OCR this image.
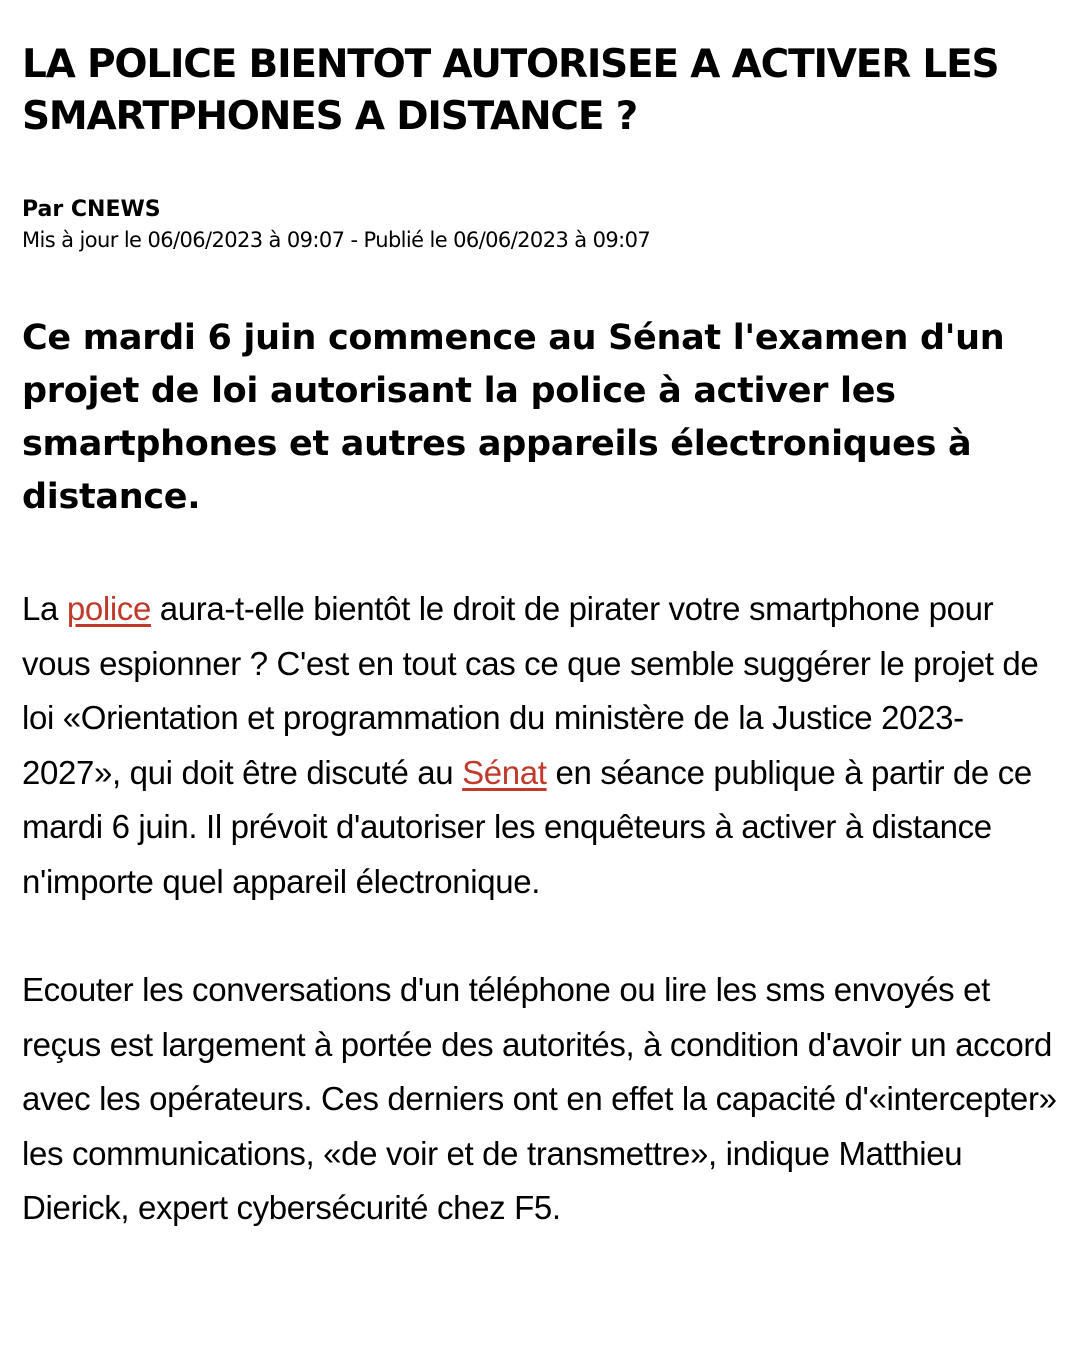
LA POLICE BIENTOT AUTORISEE A ACTIVER LES SMARTPHONES A DISTANCE ?
Par CNEWS
Mis à jour le 06/06/2023 à 09:07 - Publié le 06/06/2023 à 09:07
Ce mardi 6 juin commence au Sénat l'examen d'un projet de loi autorisant la police à activer les smartphones et autres appareils électroniques à distance.

La police aura-t-elle bientôt le droit de pirater votre smartphone pour vous espionner ? C'est en tout cas ce que semble suggérer le projet de loi «Orientation et programmation du ministère de la Justice 2023-2027», qui doit être discuté au Sénat en séance publique à partir de ce mardi 6 juin. Il prévoit d'autoriser les enquêteurs à activer à distance n'importe quel appareil électronique.

Ecouter les conversations d'un téléphone ou lire les sms envoyés et reçus est largement à portée des autorités, à condition d'avoir un accord avec les opérateurs. Ces derniers ont en effet la capacité d'«intercepter» les communications, «de voir et de transmettre», indique Matthieu Dierick, expert cybersécurité chez F5.
